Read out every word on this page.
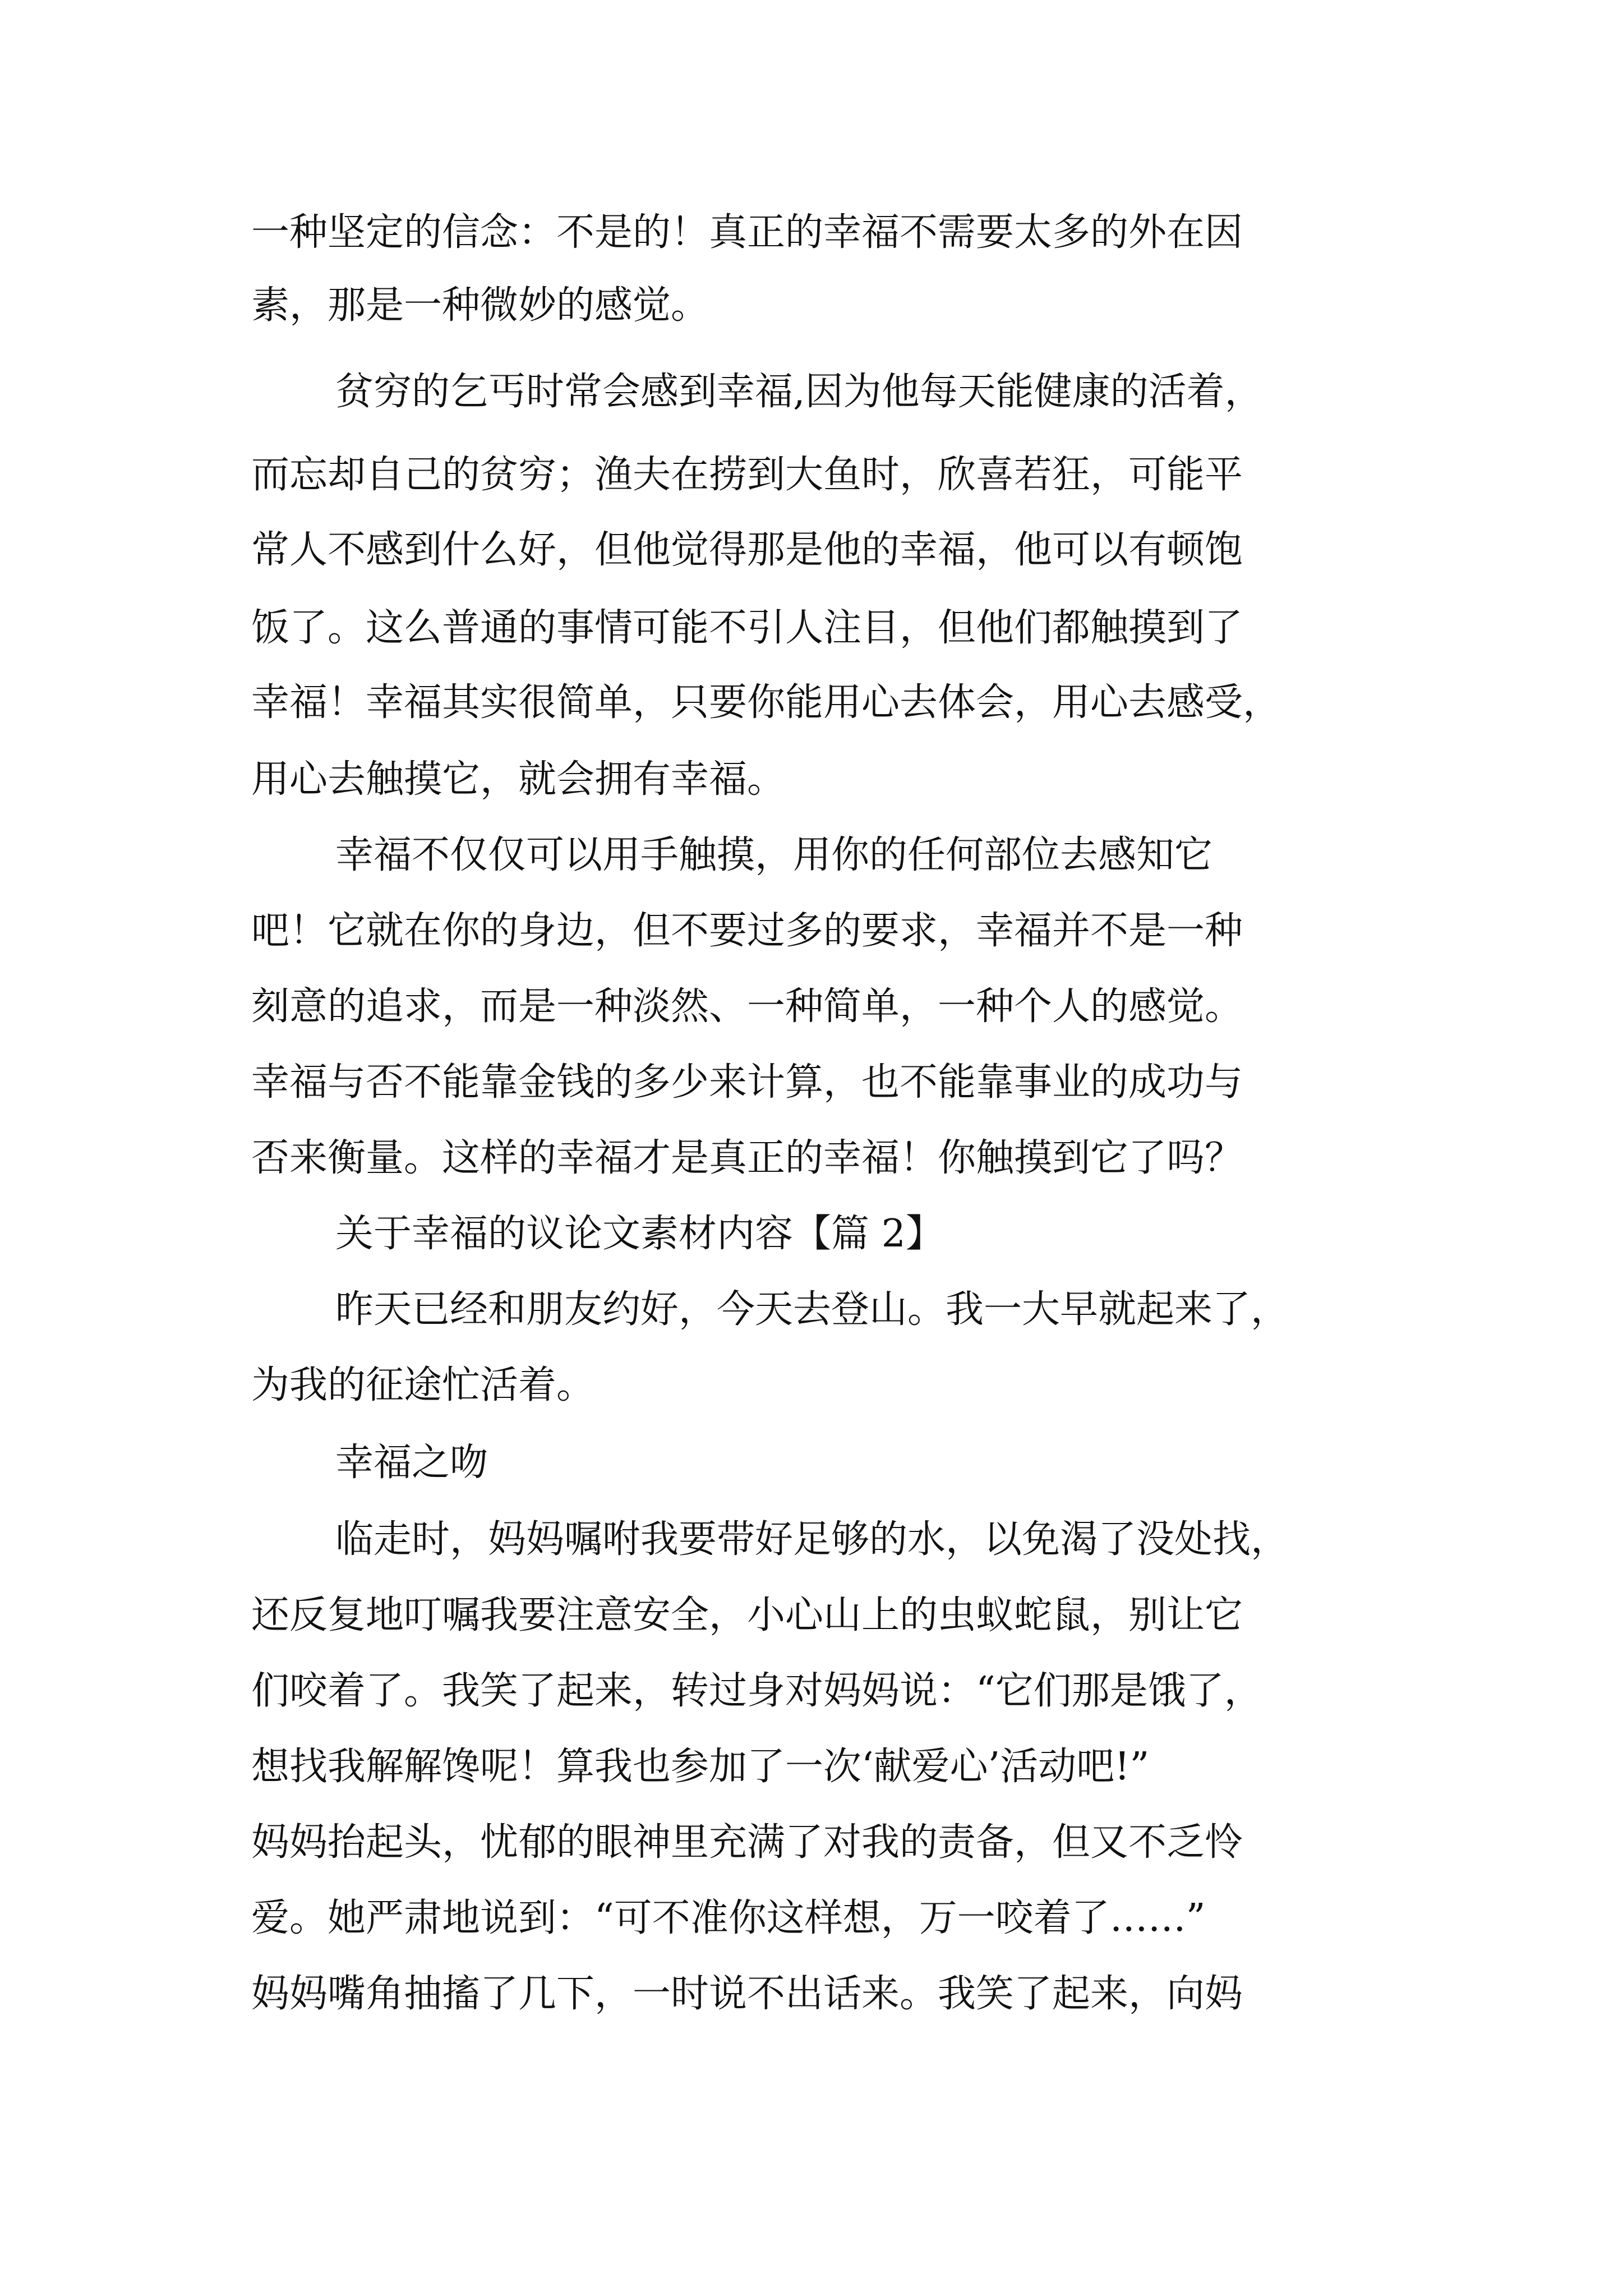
一种坚定的信念：不是的！真正的幸福不需要太多的外在因
素，那是一种微妙的感觉。
贫穷的乞丐时常会感到幸福,因为他每天能健康的活着，
而忘却自己的贫穷；渔夫在捞到大鱼时，欣喜若狂，可能平
常人不感到什么好，但他觉得那是他的幸福，他可以有顿饱
饭了。这么普通的事情可能不引人注目，但他们都触摸到了
幸福！幸福其实很简单，只要你能用心去体会，用心去感受，
用心去触摸它，就会拥有幸福。
幸福不仅仅可以用手触摸，用你的任何部位去感知它
吧！它就在你的身边，但不要过多的要求，幸福并不是一种
刻意的追求，而是一种淡然、一种简单，一种个人的感觉。
幸福与否不能靠金钱的多少来计算，也不能靠事业的成功与
否来衡量。这样的幸福才是真正的幸福！你触摸到它了吗？
关于幸福的议论文素材内容【篇 2】
昨天已经和朋友约好，今天去登山。我一大早就起来了，
为我的征途忙活着。
幸福之吻
临走时，妈妈嘱咐我要带好足够的水，以免渴了没处找，
还反复地叮嘱我要注意安全，小心山上的虫蚁蛇鼠，别让它
们咬着了。我笑了起来，转过身对妈妈说：“它们那是饿了，
想找我解解馋呢！算我也参加了一次‘献爱心’活动吧!”
妈妈抬起头，忧郁的眼神里充满了对我的责备，但又不乏怜
爱。她严肃地说到：“可不准你这样想，万一咬着了……”
妈妈嘴角抽搐了几下，一时说不出话来。我笑了起来，向妈
